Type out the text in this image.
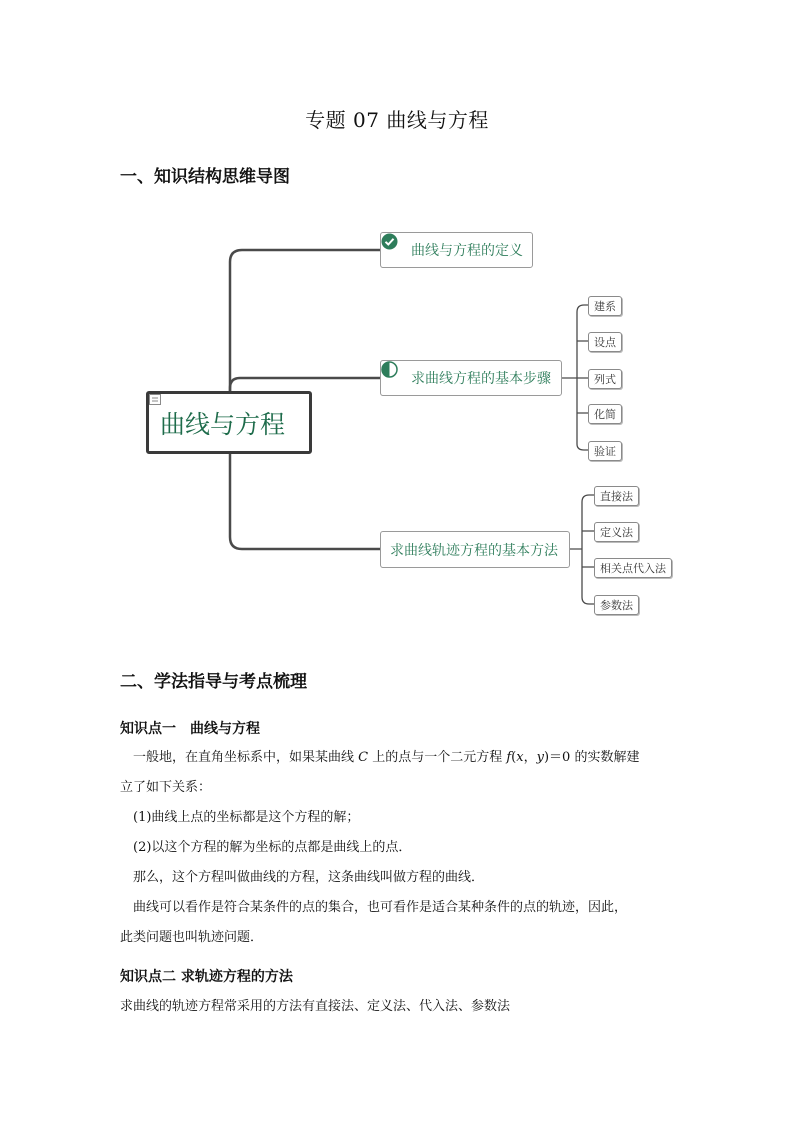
专题 07 曲线与方程
一、知识结构思维导图
曲线与方程
曲线与方程的定义
求曲线方程的基本步骤
求曲线轨迹方程的基本方法
建系
设点
列式
化简
验证
直接法
定义法
相关点代入法
参数法
二、学法指导与考点梳理
知识点一　曲线与方程
一般地，在直角坐标系中，如果某曲线 C 上的点与一个二元方程 f(x，y)＝0 的实数解建
立了如下关系：
(1)曲线上点的坐标都是这个方程的解；
(2)以这个方程的解为坐标的点都是曲线上的点．
那么，这个方程叫做曲线的方程，这条曲线叫做方程的曲线．
曲线可以看作是符合某条件的点的集合，也可看作是适合某种条件的点的轨迹，因此，
此类问题也叫轨迹问题．
知识点二 求轨迹方程的方法
求曲线的轨迹方程常采用的方法有直接法、定义法、代入法、参数法
